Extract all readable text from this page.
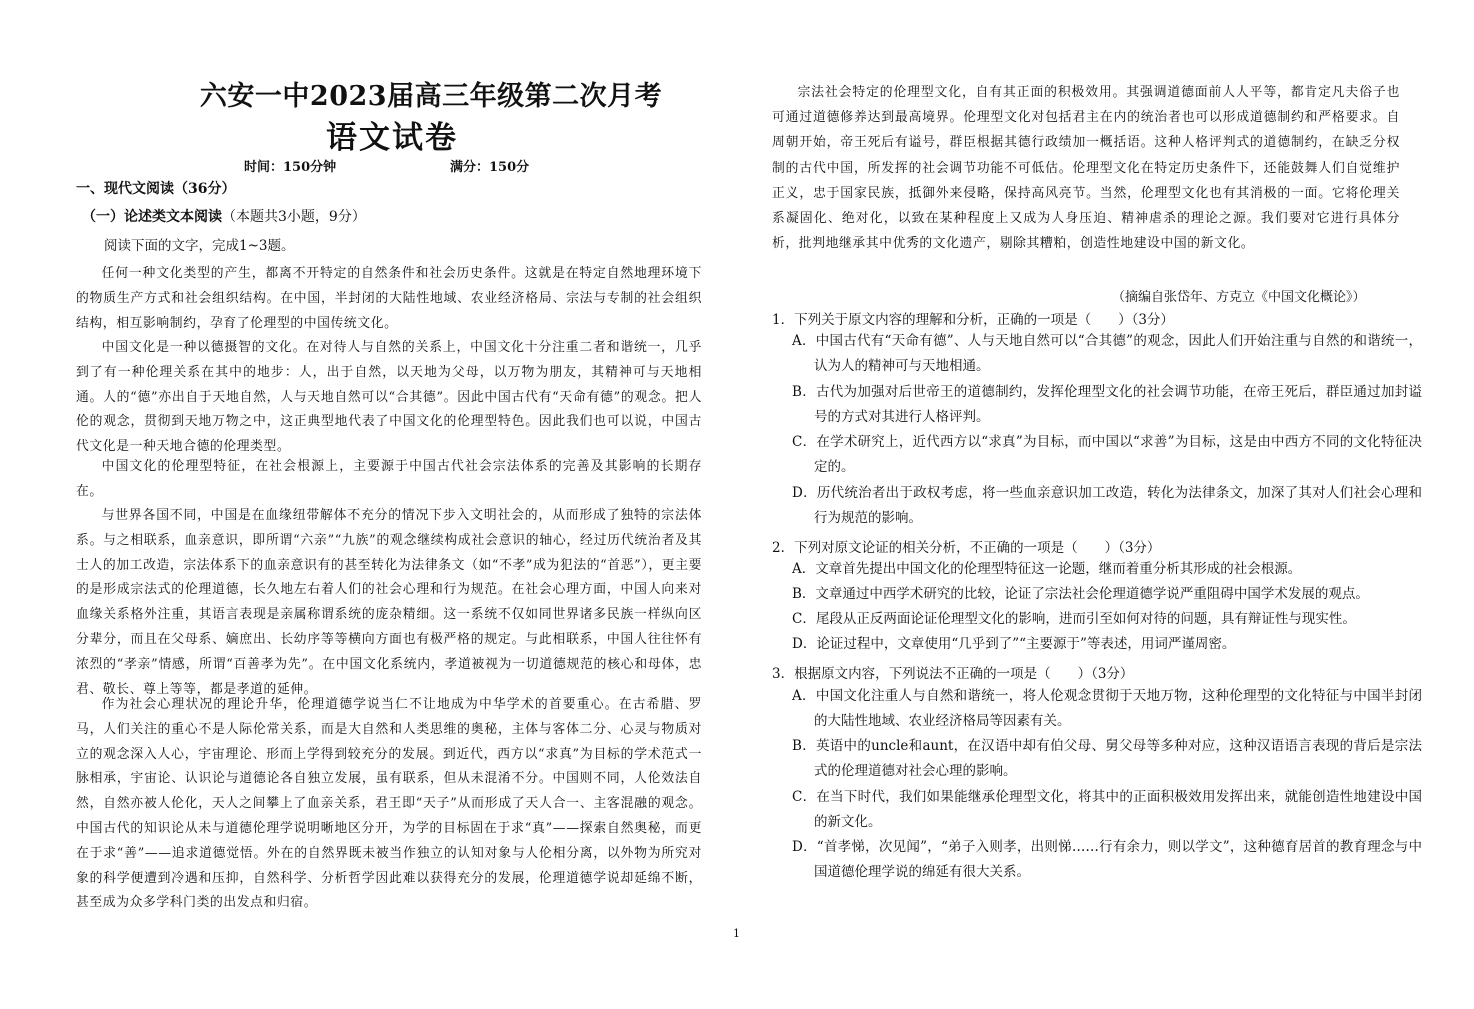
六安一中2023届高三年级第二次月考
语文试卷
时间：150分钟	满分：150分
一、现代文阅读（36分）
（一）论述类文本阅读（本题共3小题，9分）
阅读下面的文字，完成1~3题。

任何一种文化类型的产生，都离不开特定的自然条件和社会历史条件。这就是在特定自然地理环境下的物质生产方式和社会组织结构。在中国，半封闭的大陆性地域、农业经济格局、宗法与专制的社会组织结构，相互影响制约，孕育了伦理型的中国传统文化。

中国文化是一种以德摄智的文化。在对待人与自然的关系上，中国文化十分注重二者和谐统一，几乎到了有一种伦理关系在其中的地步：人，出于自然，以天地为父母，以万物为朋友，其精神可与天地相通。人的“德”亦出自于天地自然，人与天地自然可以“合其德”。因此中国古代有“天命有德”的观念。把人伦的观念，贯彻到天地万物之中，这正典型地代表了中国文化的伦理型特色。因此我们也可以说，中国古代文化是一种天地合德的伦理类型。

中国文化的伦理型特征，在社会根源上，主要源于中国古代社会宗法体系的完善及其影响的长期存在。

与世界各国不同，中国是在血缘纽带解体不充分的情况下步入文明社会的，从而形成了独特的宗法体系。与之相联系，血亲意识，即所谓“六亲”“九族”的观念继续构成社会意识的轴心，经过历代统治者及其士人的加工改造，宗法体系下的血亲意识有的甚至转化为法律条文（如“不孝”成为犯法的“首恶”），更主要的是形成宗法式的伦理道德，长久地左右着人们的社会心理和行为规范。在社会心理方面，中国人向来对血缘关系格外注重，其语言表现是亲属称谓系统的庞杂精细。这一系统不仅如同世界诸多民族一样纵向区分辈分，而且在父母系、嫡庶出、长幼序等等横向方面也有极严格的规定。与此相联系，中国人往往怀有浓烈的“孝亲”情感，所谓“百善孝为先”。在中国文化系统内，孝道被视为一切道德规范的核心和母体，忠君、敬长、尊上等等，都是孝道的延伸。

作为社会心理状况的理论升华，伦理道德学说当仁不让地成为中华学术的首要重心。在古希腊、罗马，人们关注的重心不是人际伦常关系，而是大自然和人类思维的奥秘，主体与客体二分、心灵与物质对立的观念深入人心，宇宙理论、形而上学得到较充分的发展。到近代，西方以“求真”为目标的学术范式一脉相承，宇宙论、认识论与道德论各自独立发展，虽有联系，但从未混淆不分。中国则不同，人伦效法自然，自然亦被人伦化，天人之间攀上了血亲关系，君王即“天子”从而形成了天人合一、主客混融的观念。中国古代的知识论从未与道德伦理学说明晰地区分开，为学的目标固在于求“真”——探索自然奥秘，而更在于求“善”——追求道德觉悟。外在的自然界既未被当作独立的认知对象与人伦相分离，以外物为所究对象的科学便遭到冷遇和压抑，自然科学、分析哲学因此难以获得充分的发展，伦理道德学说却延绵不断，甚至成为众多学科门类的出发点和归宿。

宗法社会特定的伦理型文化，自有其正面的积极效用。其强调道德面前人人平等，都肯定凡夫俗子也可通过道德修养达到最高境界。伦理型文化对包括君主在内的统治者也可以形成道德制约和严格要求。自周朝开始，帝王死后有谥号，群臣根据其德行政绩加一概括语。这种人格评判式的道德制约，在缺乏分权制的古代中国，所发挥的社会调节功能不可低估。伦理型文化在特定历史条件下，还能鼓舞人们自觉维护正义，忠于国家民族，抵御外来侵略，保持高风亮节。当然，伦理型文化也有其消极的一面。它将伦理关系凝固化、绝对化，以致在某种程度上又成为人身压迫、精神虐杀的理论之源。我们要对它进行具体分析，批判地继承其中优秀的文化遗产，剔除其糟粕，创造性地建设中国的新文化。

（摘编自张岱年、方克立《中国文化概论》）
1．下列关于原文内容的理解和分析，正确的一项是（　　）（3分）

A．中国古代有“天命有德”、人与天地自然可以“合其德”的观念，因此人们开始注重与自然的和谐统一，认为人的精神可与天地相通。

B．古代为加强对后世帝王的道德制约，发挥伦理型文化的社会调节功能，在帝王死后，群臣通过加封谥号的方式对其进行人格评判。

C．在学术研究上，近代西方以“求真”为目标，而中国以“求善”为目标，这是由中西方不同的文化特征决定的。

D．历代统治者出于政权考虑，将一些血亲意识加工改造，转化为法律条文，加深了其对人们社会心理和行为规范的影响。

2．下列对原文论证的相关分析，不正确的一项是（　　）（3分）

A．文章首先提出中国文化的伦理型特征这一论题，继而着重分析其形成的社会根源。

B．文章通过中西学术研究的比较，论证了宗法社会伦理道德学说严重阻碍中国学术发展的观点。

C．尾段从正反两面论证伦理型文化的影响，进而引至如何对待的问题，具有辩证性与现实性。

D．论证过程中，文章使用“几乎到了”“主要源于”等表述，用词严谨周密。

3．根据原文内容，下列说法不正确的一项是（　　）（3分）

A．中国文化注重人与自然和谐统一，将人伦观念贯彻于天地万物，这种伦理型的文化特征与中国半封闭的大陆性地域、农业经济格局等因素有关。

B．英语中的uncle和aunt，在汉语中却有伯父母、舅父母等多种对应，这种汉语语言表现的背后是宗法式的伦理道德对社会心理的影响。

C．在当下时代，我们如果能继承伦理型文化，将其中的正面积极效用发挥出来，就能创造性地建设中国的新文化。

D．“首孝悌，次见闻”，“弟子入则孝，出则悌……行有余力，则以学文”，这种德育居首的教育理念与中国道德伦理学说的绵延有很大关系。

1
